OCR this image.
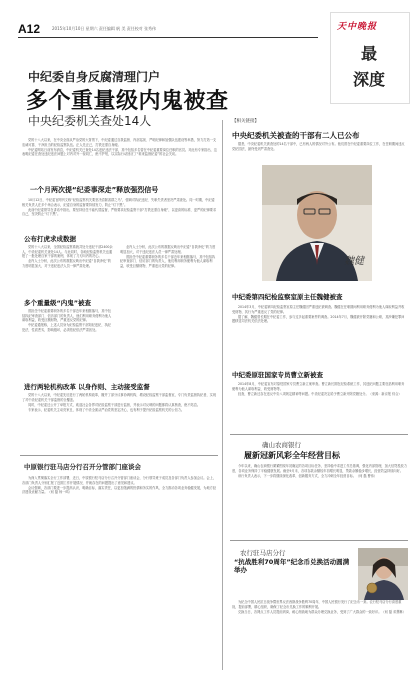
A12	2015年10月10日 星期六 责任编辑 帆 美 责任校对 张秀伟	天中晚报
最
深度
中纪委自身反腐清理门户
多个重量级内鬼被查
中央纪委机关查处14人

党的十八大以来，在中央全面从严治党的大背景下，中纪委通过自我监督、内部巡视、严明纪律和加强队伍建设等举措，努力打造一支忠诚可靠、干净担当的纪检监察队伍。正人先正己，打铁还需自身硬。

中纪委网站日前发布消息，中纪委机关已查处14名违纪违法干部，其中包括多名曾在中纪委重要岗位任职的官员。对此有专家指出，这表明纪委在查处违纪违法问题上对内对外一视同仁，绝不护短，以实际行动回应了“谁来监督纪委”的社会关切。

一个月两次提“纪委事深走”释放强烈信号

10月12日，中纪委官网刊文称“纪检监察机关要坚决清除害群之马”，强调对执纪违纪、失职失责者坚决严肃查处。同一时期，中纪委相关负责人在多个场合表示，纪委自身的监督要持续发力，防止“灯下黑”。

此前中纪委领导在讲话中指出，要坚持信任不能代替监督，严格要求纪检监察干部“打铁还需自身硬”，以更高的标准、更严的纪律要求自己，坚决防止“灯下黑”。

公布打虎求成数据

党的十八大以来，全国纪检监察系统共处分违纪干部2400余人，中央纪委机关查处14人。与此同时，各地纪检监察机关也通报了一批处理自家干部的案例，体现了刀刃向内的决心。

业内人士分析，此次公布的数据反映出中纪委“自我净化”的力度明显加大，对于违纪违法人员一律严肃处理。

多个重量级“内鬼”被查

曾担任中纪委重要职务的多名干部近年来相继落马，其中包括执纪审查部门、信访部门的负责人，他们利用职务便利为他人谋取利益，收受巨额财物，严重违反党的纪律。

中纪委通报称，上述人员身为纪检监察干部知纪违纪、执纪犯法，性质恶劣，影响极坏，必须依纪依法严肃惩处。

业内人士分析，此次公布的数据反映出中纪委“自我净化”的力度明显加大，对于违纪违法人员一律严肃处理。

曾担任中纪委重要职务的多名干部近年来相继落马，其中包括执纪审查部门、信访部门的负责人，他们利用职务便利为他人谋取利益，收受巨额财物，严重违反党的纪律。

进行两轮机构改革 以身作则、主动接受监督

党的十八大以来，中纪委先后进行了两轮机构改革，撤并了部分议事协调机构，增设纪检监察干部监督室，专门负责监督执纪者，实现了对中央纪委机关干部监督的全覆盖。

同时，中纪委还公开了举报方式，欢迎社会各界对纪检监察干部进行监督，并表示对反映的问题都将认真核查，绝不姑息。

专家表示，纪委机关主动亮家丑，体现了中央全面从严治党的坚定决心，也有利于提升纪检监察机关的公信力。

中原银行驻马店分行召开分管部门座谈会

为深入贯彻落实全行工作部署，近日，中原银行驻马店分行召开分管部门座谈会，分行领导班子成员及各部门负责人参加会议。会上，各部门负责人分别汇报了近期工作开展情况，并就存在的问题提出了意见和建议。

会议强调，各部门要进一步提高认识，明确目标，落实责任，以更加饱满的热情和务实的作风，全力推动各项业务稳健发展，为地方经济建设贡献力量。（何 磊 杨一鸣）

【相关链接】
中央纪委机关被查的干部有二人已公布

据悉，中央纪委机关被查处的14名干部中，已有两人的情况对外公布。他们曾在中纪委重要岗位工作，在任职期间违反党纪国法，最终受到严肃查处。

魏健
中纪委第四纪检监察室原主任魏健被查

2014年3月，中纪委第四纪检监察室原主任魏健因严重违纪被调查。魏健在任职期间利用职务便利为他人谋取利益并收受财物，其行为严重违反了党的纪律。

据了解，魏健曾长期在中纪委工作，参与过多起重要案件的调查。2014年7月，魏健被开除党籍和公职，其涉嫌犯罪问题移送司法机关依法处理。

中纪委原驻国家专员曹立新被查

2014年8月，中纪委宣布对原驻国家专员曹立新立案审查。曹立新长期在纪检系统工作，其违纪问题主要包括利用职务便利为他人谋取利益、收受财物等。

经查，曹立新还存在违反中央八项规定精神等问题。中央纪委决定给予曹立新开除党籍处分。（来源：新京报 综合）

确山农商银行
履新冠新风彩全年经营目标

今年以来，确山农商银行紧紧围绕年初确定的各项目标任务，坚持稳中求进工作总基调，强化内部管理，加大信贷投放力度，各项业务保持了平稳健康发展。截至9月末，各项存款余额较年初增长明显，贷款余额稳步增长，经营效益持续向好。

该行负责人表示，下一步将继续深化改革，创新服务方式，全力冲刺全年经营目标。（何 磊 曹伟）

农行驻马店分行
“抗战胜利70周年”纪念币兑换活动圆满举办

为纪念中国人民抗日战争暨世界反法西斯战争胜利70周年，中国人民银行发行了纪念币一套。农行驻马店分行高度重视，提前部署，精心组织，确保了纪念币兑换工作的顺利开展。

兑换当日，各网点工作人员提前到岗，耐心细致地为群众办理兑换业务，受到了广大群众的一致好评。（何 磊 邓慧琳）
